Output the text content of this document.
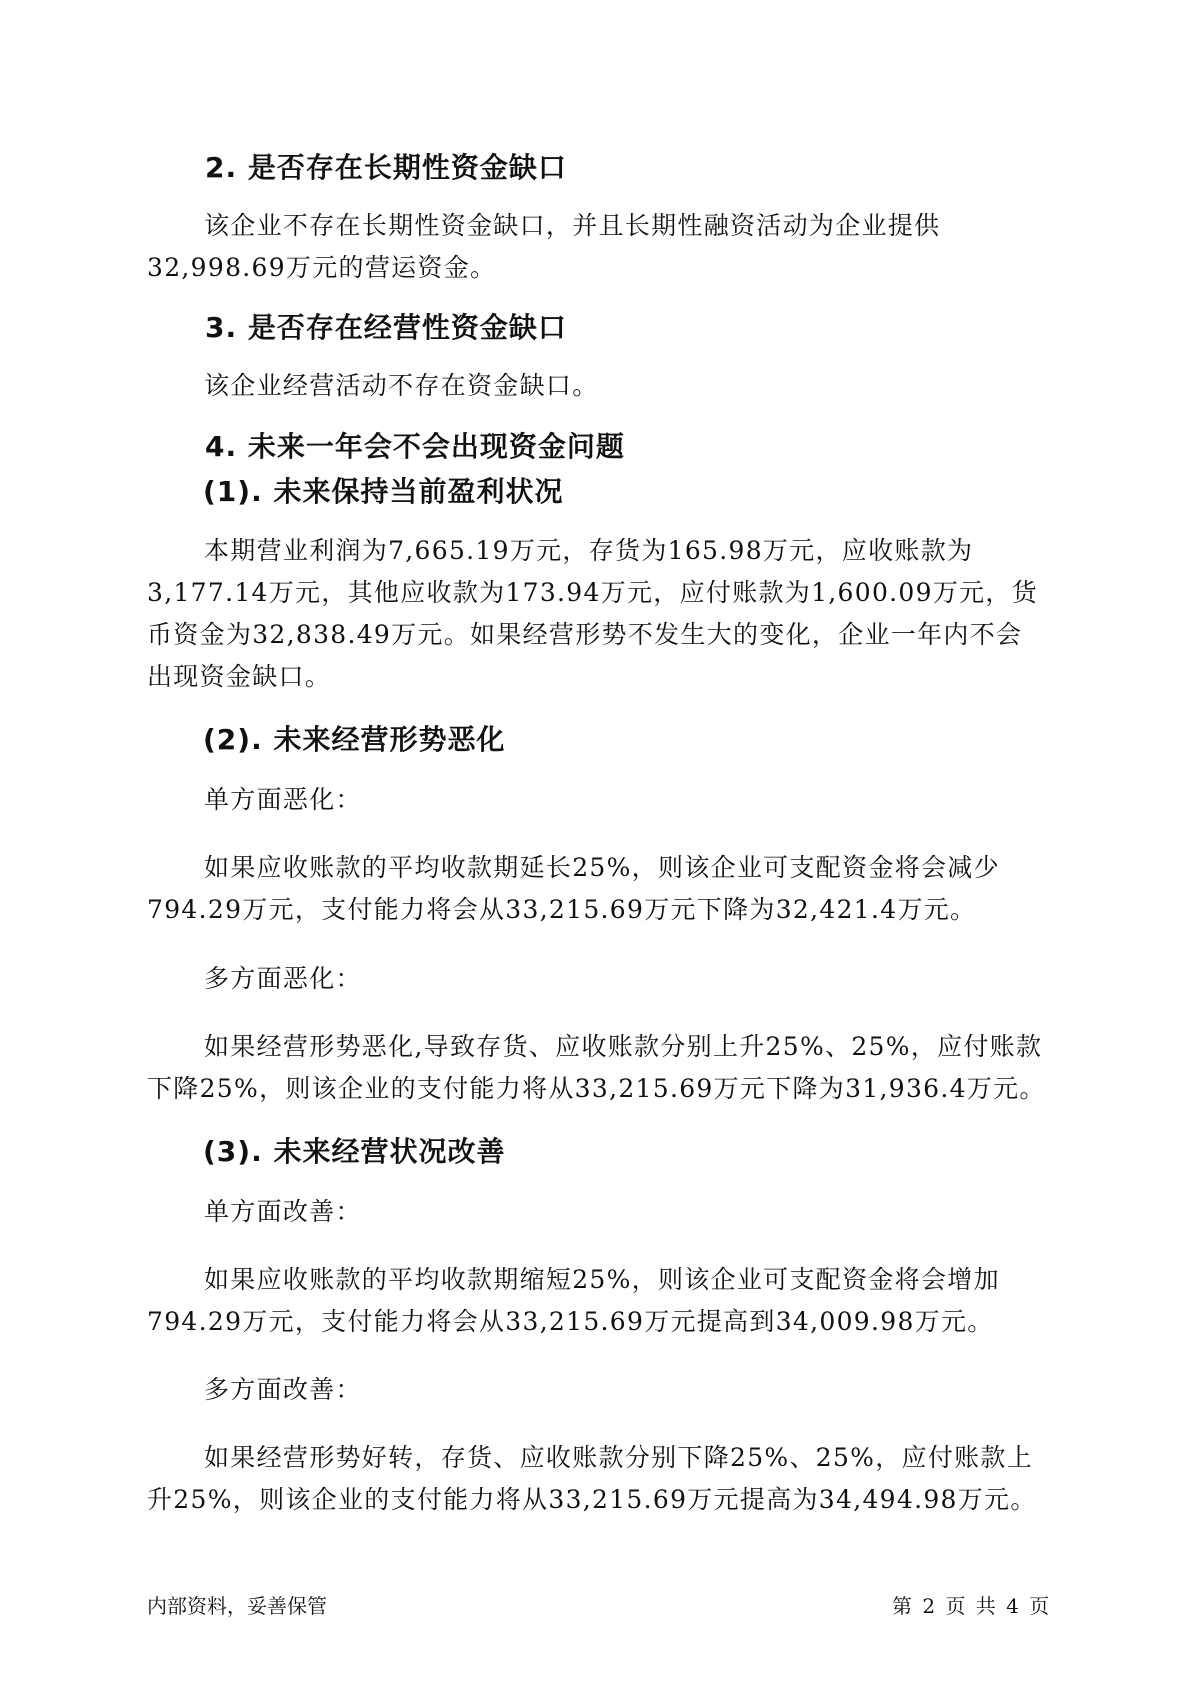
2. 是否存在长期性资金缺口
该企业不存在长期性资金缺口，并且长期性融资活动为企业提供
32,998.69万元的营运资金。
3. 是否存在经营性资金缺口
该企业经营活动不存在资金缺口。
4. 未来一年会不会出现资金问题
(1). 未来保持当前盈利状况
本期营业利润为7,665.19万元，存货为165.98万元，应收账款为
3,177.14万元，其他应收款为173.94万元，应付账款为1,600.09万元，货
币资金为32,838.49万元。如果经营形势不发生大的变化，企业一年内不会
出现资金缺口。
(2). 未来经营形势恶化
单方面恶化：
如果应收账款的平均收款期延长25%，则该企业可支配资金将会减少
794.29万元，支付能力将会从33,215.69万元下降为32,421.4万元。
多方面恶化：
如果经营形势恶化,导致存货、应收账款分别上升25%、25%，应付账款
下降25%，则该企业的支付能力将从33,215.69万元下降为31,936.4万元。
(3). 未来经营状况改善
单方面改善：
如果应收账款的平均收款期缩短25%，则该企业可支配资金将会增加
794.29万元，支付能力将会从33,215.69万元提高到34,009.98万元。
多方面改善：
如果经营形势好转，存货、应收账款分别下降25%、25%，应付账款上
升25%，则该企业的支付能力将从33,215.69万元提高为34,494.98万元。
内部资料，妥善保管	第 2 页 共 4 页
